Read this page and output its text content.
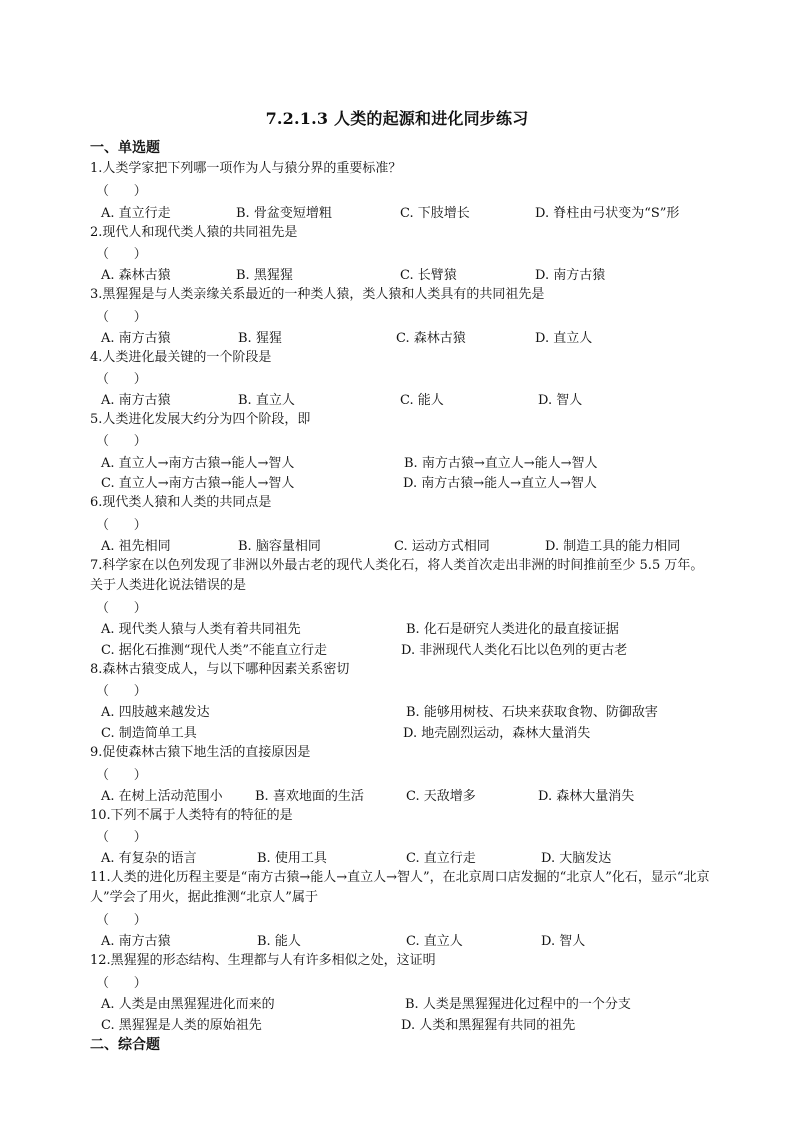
7.2.1.3 人类的起源和进化同步练习
一、单选题
1.人类学家把下列哪一项作为人与猿分界的重要标准？
（      ）
A. 直立行走	B. 骨盆变短增粗	C. 下肢增长	D. 脊柱由弓状变为“S”形
2.现代人和现代类人猿的共同祖先是
（      ）
A. 森林古猿	B. 黑猩猩	C. 长臂猿	D. 南方古猿
3.黑猩猩是与人类亲缘关系最近的一种类人猿，类人猿和人类具有的共同祖先是
（      ）
A. 南方古猿	B. 猩猩	C. 森林古猿	D. 直立人
4.人类进化最关键的一个阶段是
（      ）
A. 南方古猿	B. 直立人	C. 能人	D. 智人
5.人类进化发展大约分为四个阶段，即
（      ）
A. 直立人→南方古猿→能人→智人	B. 南方古猿→直立人→能人→智人
C. 直立人→南方古猿→能人→智人	D. 南方古猿→能人→直立人→智人
6.现代类人猿和人类的共同点是
（      ）
A. 祖先相同	B. 脑容量相同	C. 运动方式相同	D. 制造工具的能力相同
7.科学家在以色列发现了非洲以外最古老的现代人类化石，将人类首次走出非洲的时间推前至少 5.5 万年。关于人类进化说法错误的是
（      ）
A. 现代类人猿与人类有着共同祖先	B. 化石是研究人类进化的最直接证据
C. 据化石推测“现代人类”不能直立行走	D. 非洲现代人类化石比以色列的更古老
8.森林古猿变成人，与以下哪种因素关系密切
（      ）
A. 四肢越来越发达	B. 能够用树枝、石块来获取食物、防御敌害
C. 制造简单工具	D. 地壳剧烈运动，森林大量消失
9.促使森林古猿下地生活的直接原因是
（      ）
A. 在树上活动范围小 B. 喜欢地面的生活	C. 天敌增多	D. 森林大量消失
10.下列不属于人类特有的特征的是
（      ）
A. 有复杂的语言	B. 使用工具	C. 直立行走	D. 大脑发达
11.人类的进化历程主要是“南方古猿→能人→直立人→智人”，在北京周口店发掘的“北京人”化石，显示“北京人”学会了用火，据此推测“北京人”属于
（      ）
A. 南方古猿	B. 能人	C. 直立人	D. 智人
12.黑猩猩的形态结构、生理都与人有许多相似之处，这证明
（      ）
A. 人类是由黑猩猩进化而来的	B. 人类是黑猩猩进化过程中的一个分支
C. 黑猩猩是人类的原始祖先	D. 人类和黑猩猩有共同的祖先
二、综合题
